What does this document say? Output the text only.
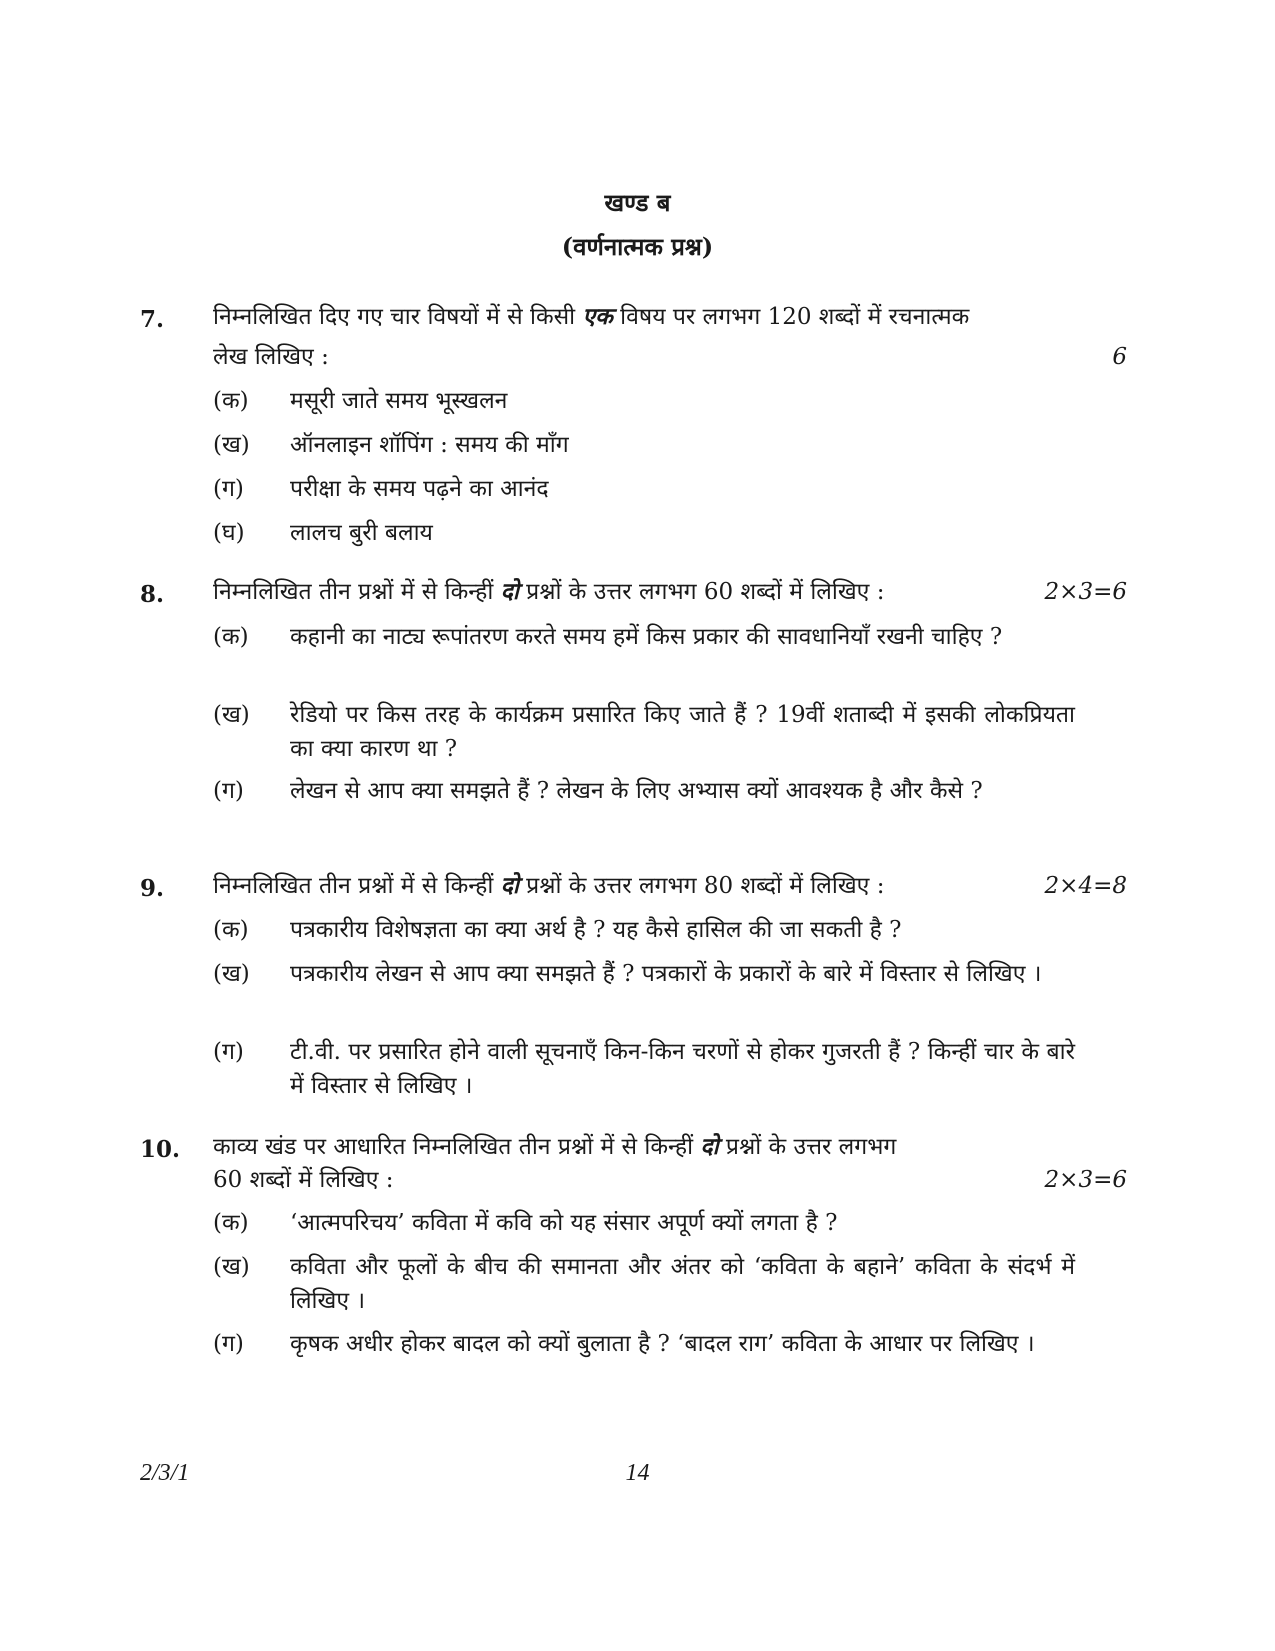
खण्ड ब
(वर्णनात्मक प्रश्न)
7. निम्नलिखित दिए गए चार विषयों में से किसी एक विषय पर लगभग 120 शब्दों में रचनात्मक
लेख लिखिए :	6
(क) मसूरी जाते समय भूस्खलन
(ख) ऑनलाइन शॉपिंग : समय की माँग
(ग) परीक्षा के समय पढ़ने का आनंद
(घ) लालच बुरी बलाय
8. निम्नलिखित तीन प्रश्नों में से किन्हीं दो प्रश्नों के उत्तर लगभग 60 शब्दों में लिखिए :	2×3=6
(क) कहानी का नाट्य रूपांतरण करते समय हमें किस प्रकार की सावधानियाँ रखनी चाहिए ?
(ख) रेडियो पर किस तरह के कार्यक्रम प्रसारित किए जाते हैं ? 19वीं शताब्दी में इसकी लोकप्रियता का क्या कारण था ?
(ग) लेखन से आप क्या समझते हैं ? लेखन के लिए अभ्यास क्यों आवश्यक है और कैसे ?
9. निम्नलिखित तीन प्रश्नों में से किन्हीं दो प्रश्नों के उत्तर लगभग 80 शब्दों में लिखिए :	2×4=8
(क) पत्रकारीय विशेषज्ञता का क्या अर्थ है ? यह कैसे हासिल की जा सकती है ?
(ख) पत्रकारीय लेखन से आप क्या समझते हैं ? पत्रकारों के प्रकारों के बारे में विस्तार से लिखिए ।
(ग) टी.वी. पर प्रसारित होने वाली सूचनाएँ किन-किन चरणों से होकर गुजरती हैं ? किन्हीं चार के बारे में विस्तार से लिखिए ।
10. काव्य खंड पर आधारित निम्नलिखित तीन प्रश्नों में से किन्हीं दो प्रश्नों के उत्तर लगभग
60 शब्दों में लिखिए :	2×3=6
(क) ‘आत्मपरिचय’ कविता में कवि को यह संसार अपूर्ण क्यों लगता है ?
(ख) कविता और फूलों के बीच की समानता और अंतर को ‘कविता के बहाने’ कविता के संदर्भ में लिखिए ।
(ग) कृषक अधीर होकर बादल को क्यों बुलाता है ? ‘बादल राग’ कविता के आधार पर लिखिए ।
2/3/1	14
